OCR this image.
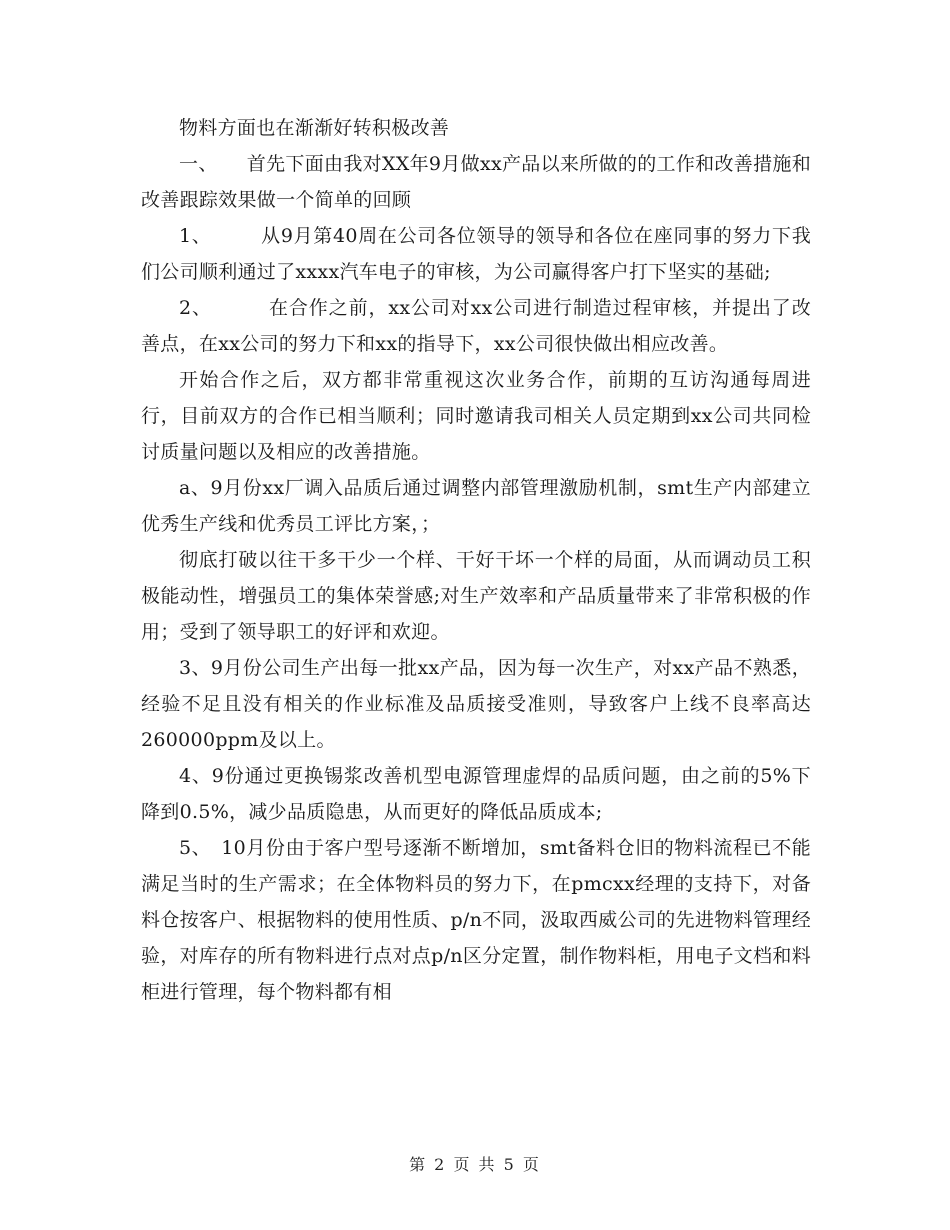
物料方面也在渐渐好转积极改善

一、　　首先下面由我对XX年9月做xx产品以来所做的的工作和改善措施和改善跟踪效果做一个简单的回顾

1、　　　从9月第40周在公司各位领导的领导和各位在座同事的努力下我们公司顺利通过了xxxx汽车电子的审核，为公司赢得客户打下坚实的基础;

2、　　　 在合作之前，xx公司对xx公司进行制造过程审核，并提出了改善点，在xx公司的努力下和xx的指导下，xx公司很快做出相应改善。

开始合作之后，双方都非常重视这次业务合作，前期的互访沟通每周进行，目前双方的合作已相当顺利；同时邀请我司相关人员定期到xx公司共同检讨质量问题以及相应的改善措施。

a、9月份xx厂调入品质后通过调整内部管理激励机制，smt生产内部建立优秀生产线和优秀员工评比方案，；

彻底打破以往干多干少一个样、干好干坏一个样的局面，从而调动员工积极能动性，增强员工的集体荣誉感;对生产效率和产品质量带来了非常积极的作用；受到了领导职工的好评和欢迎。

3、9月份公司生产出每一批xx产品，因为每一次生产，对xx产品不熟悉，经验不足且没有相关的作业标准及品质接受准则，导致客户上线不良率高达260000ppm及以上。

4、9份通过更换锡浆改善机型电源管理虚焊的品质问题，由之前的5%下降到0.5%，减少品质隐患，从而更好的降低品质成本;

5、　10月份由于客户型号逐渐不断增加，smt备料仓旧的物料流程已不能满足当时的生产需求；在全体物料员的努力下，在pmcxx经理的支持下，对备料仓按客户、根据物料的使用性质、p/n不同，汲取西威公司的先进物料管理经验，对库存的所有物料进行点对点p/n区分定置，制作物料柜，用电子文档和料柜进行管理，每个物料都有相

第 2 页 共 5 页
